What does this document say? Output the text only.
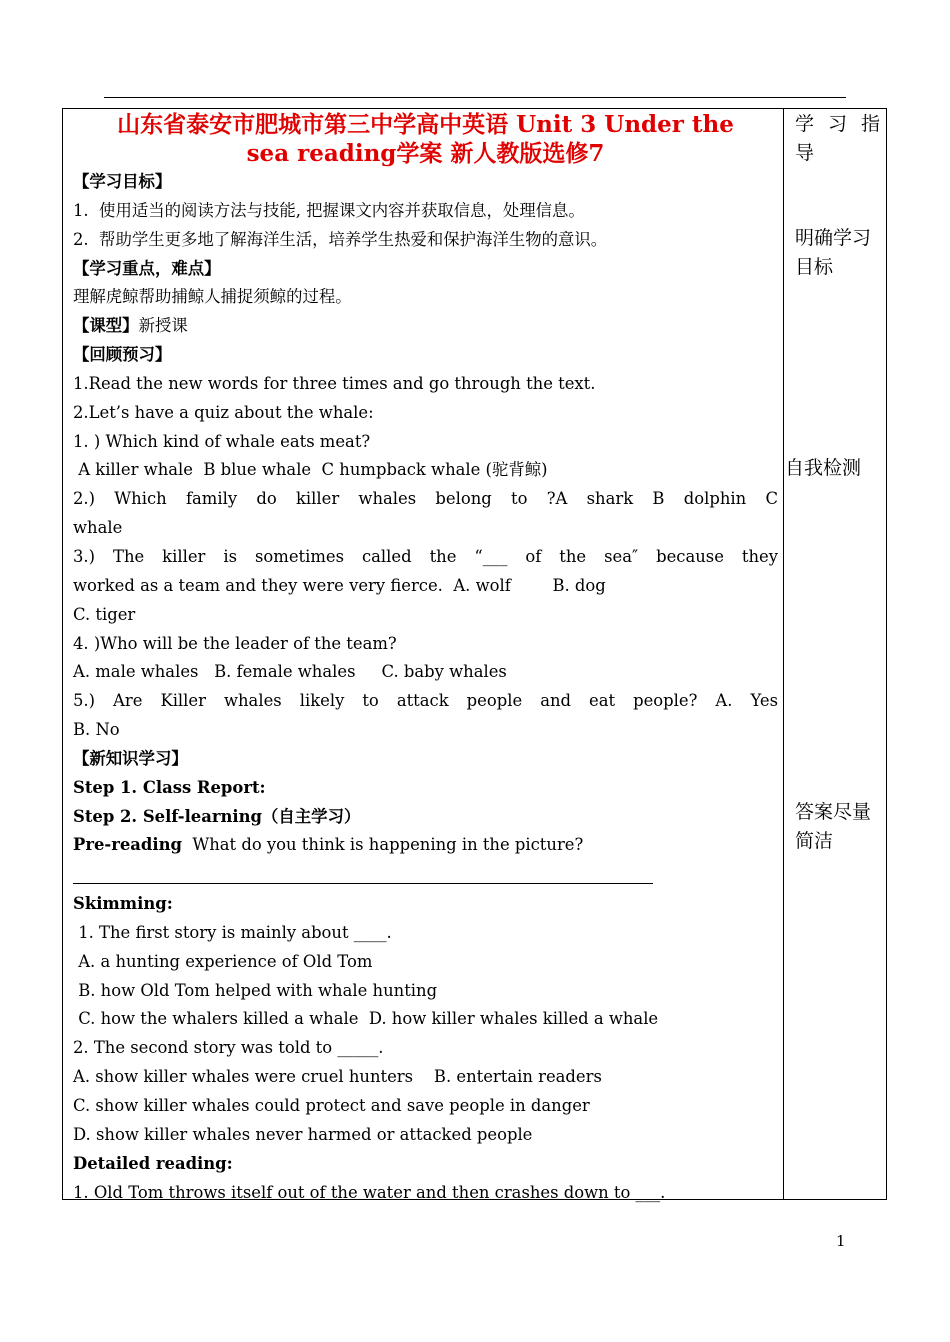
山东省泰安市肥城市第三中学高中英语 Unit 3 Under the
sea reading学案 新人教版选修7

【学习目标】

1.  使用适当的阅读方法与技能, 把握课文内容并获取信息，处理信息。

2.  帮助学生更多地了解海洋生活，培养学生热爱和保护海洋生物的意识。

【学习重点，难点】

理解虎鲸帮助捕鲸人捕捉须鲸的过程。

【课型】新授课

【回顾预习】

1.Read the new words for three times and go through the text.

2.Let’s have a quiz about the whale:

1. ) Which kind of whale eats meat?

A killer whale  B blue whale  C humpback whale (驼背鲸)

2.) Which family do killer whales belong to ?A shark B dolphin C

whale

3.) The killer is sometimes called the “___ of the sea″ because they

worked as a team and they were very fierce.  A. wolf        B. dog

C. tiger

4. )Who will be the leader of the team?

A. male whales   B. female whales     C. baby whales

5.) Are Killer whales likely to attack people and eat people? A. Yes

B. No

【新知识学习】

Step 1. Class Report:

Step 2. Self-learning（自主学习）

Pre-reading  What do you think is happening in the picture?

Skimming:

1. The first story is mainly about ____.

A. a hunting experience of Old Tom

B. how Old Tom helped with whale hunting

C. how the whalers killed a whale  D. how killer whales killed a whale

2. The second story was told to _____.

A. show killer whales were cruel hunters    B. entertain readers

C. show killer whales could protect and save people in danger

D. show killer whales never harmed or attacked people

Detailed reading:

1. Old Tom throws itself out of the water and then crashes down to ___.

学 习 指
导
明确学习
目标
自我检测
答案尽量
简洁
1
